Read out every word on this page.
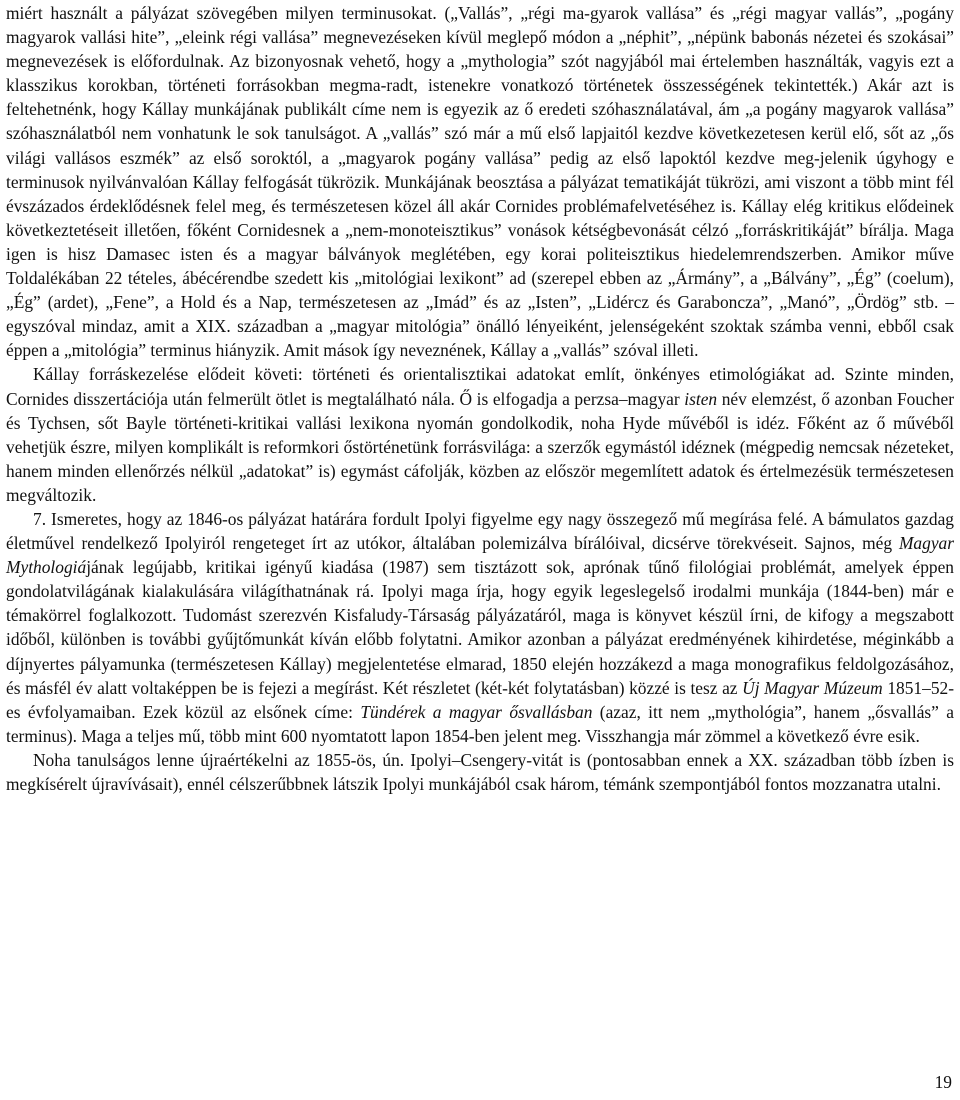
miért használt a pályázat szövegében milyen terminusokat. („Vallás”, „régi ma-gyarok vallása” és „régi magyar vallás”, „pogány magyarok vallási hite”, „eleink régi vallása” megnevezéseken kívül meglepő módon a „néphit”, „népünk babonás nézetei és szokásai” megnevezések is előfordulnak. Az bizonyosnak vehető, hogy a „mythologia” szót nagyjából mai értelemben használták, vagyis ezt a klasszikus korokban, történeti forrásokban megma-radt, istenekre vonatkozó történetek összességének tekintették.) Akár azt is feltehetnénk, hogy Kállay munkájának publikált címe nem is egyezik az ő eredeti szóhasználatával, ám „a pogány magyarok vallása” szóhasználatból nem vonhatunk le sok tanulságot. A „vallás” szó már a mű első lapjaitól kezdve következetesen kerül elő, sőt az „ős világi vallásos eszmék” az első soroktól, a „magyarok pogány vallása” pedig az első lapoktól kezdve meg-jelenik úgyhogy e terminusok nyilvánvalóan Kállay felfogását tükrözik. Munkájának beosztása a pályázat tematikáját tükrözi, ami viszont a több mint fél évszázados érdeklődésnek felel meg, és természetesen közel áll akár Cornides problémafelvetéséhez is. Kállay elég kritikus elődeinek következtetéseit illetően, főként Cornidesnek a „nem-monoteisztikus” vonások kétségbevonását célzó „forráskritikáját” bírálja. Maga igen is hisz Damasec isten és a magyar bálványok meglétében, egy korai politeisztikus hiedelemrendszerben. Amikor műve Toldalékában 22 tételes, ábécérendbe szedett kis „mitológiai lexikont” ad (szerepel ebben az „Ármány”, a „Bálvány”, „Ég” (coelum), „Ég” (ardet), „Fene”, a Hold és a Nap, természetesen az „Imád” és az „Isten”, „Lidércz és Garaboncza”, „Manó”, „Ördög” stb. – egyszóval mindaz, amit a XIX. században a „magyar mitológia” önálló lényeiként, jelenségeként szoktak számba venni, ebből csak éppen a „mitológia” terminus hiányzik. Amit mások így neveznének, Kállay a „vallás” szóval illeti.

Kállay forráskezelése elődeit követi: történeti és orientalisztikai adatokat említ, önkényes etimológiákat ad. Szinte minden, Cornides disszertációja után felmerült ötlet is megtalálható nála. Ő is elfogadja a perzsa–magyar isten név elemzést, ő azonban Foucher és Tychsen, sőt Bayle történeti-kritikai vallási lexikona nyomán gondolkodik, noha Hyde művéből is idéz. Főként az ő művéből vehetjük észre, milyen komplikált is reformkori őstörténetünk forrásvilága: a szerzők egymástól idéznek (mégpedig nemcsak nézeteket, hanem minden ellenőrzés nélkül „adatokat” is) egymást cáfolják, közben az először megemlített adatok és értelmezésük természetesen megváltozik.

7. Ismeretes, hogy az 1846-os pályázat határára fordult Ipolyi figyelme egy nagy összegező mű megírása felé. A bámulatos gazdag életművel rendelkező Ipolyiról rengeteget írt az utókor, általában polemizálva bírálóival, dicsérve törekvéseit. Sajnos, még Magyar Mythologiájának legújabb, kritikai igényű kiadása (1987) sem tisztázott sok, aprónak tűnő filológiai problémát, amelyek éppen gondolatvilágának kialakulására világíthatnának rá. Ipolyi maga írja, hogy egyik legeslegelső irodalmi munkája (1844-ben) már e témakörrel foglalkozott. Tudomást szerezvén Kisfaludy-Társaság pályázatáról, maga is könyvet készül írni, de kifogy a megszabott időből, különben is további gyűjtőmunkát kíván előbb folytatni. Amikor azonban a pályázat eredményének kihirdetése, méginkább a díjnyertes pályamunka (természetesen Kállay) megjelentetése elmarad, 1850 elején hozzákezd a maga monografikus feldolgozásához, és másfél év alatt voltaképpen be is fejezi a megírást. Két részletet (két-két folytatásban) közzé is tesz az Új Magyar Múzeum 1851–52-es évfolyamaiban. Ezek közül az elsőnek címe: Tündérek a magyar ősvallásban (azaz, itt nem „mythológia”, hanem „ősvallás” a terminus). Maga a teljes mű, több mint 600 nyomtatott lapon 1854-ben jelent meg. Visszhangja már zömmel a következő évre esik.

Noha tanulságos lenne újraértékelni az 1855-ös, ún. Ipolyi–Csengery-vitát is (pontosabban ennek a XX. században több ízben is megkísérelt újravívásait), ennél célszerűbbnek látszik Ipolyi munkájából csak három, témánk szempontjából fontos mozzanatra utalni.

19
